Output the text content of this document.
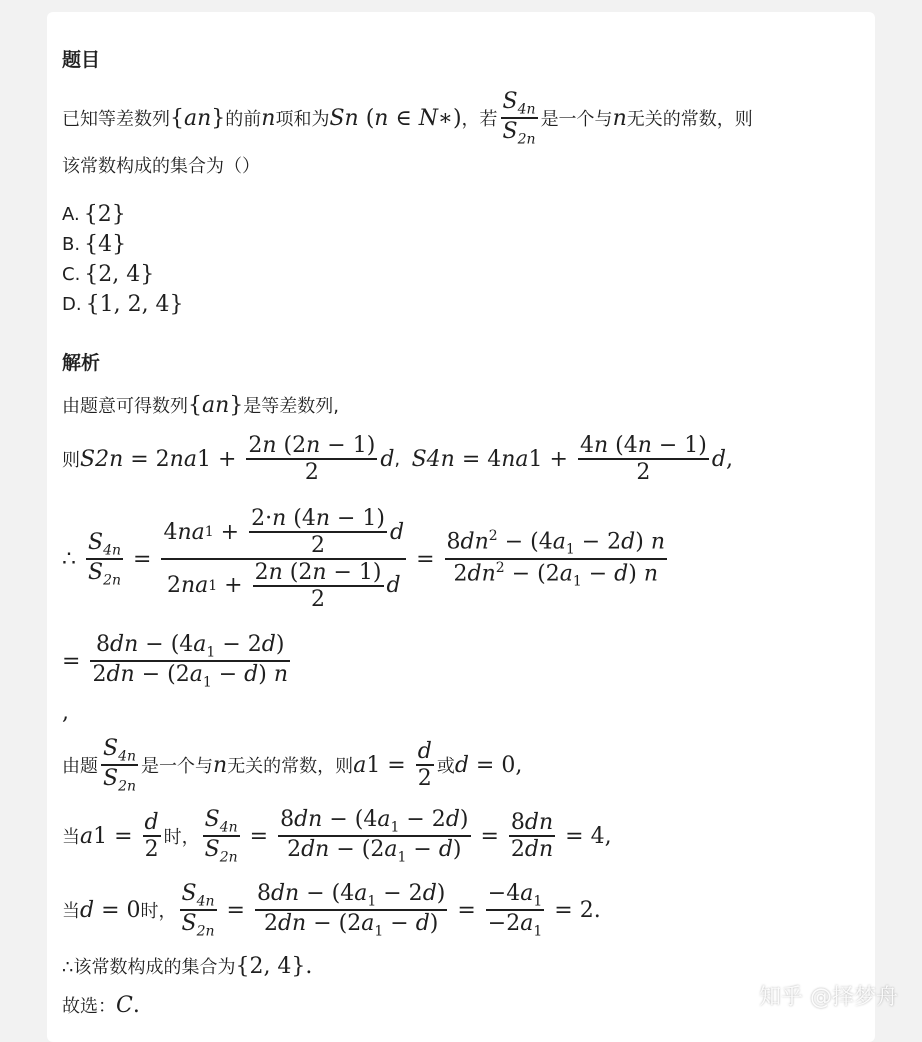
题目
已知等差数列 { a n } 的前 n 项和为 S n ( n ∈ N ∗) ，若 $\frac{S_{4n}}{S_{2n}}$ 是一个与 n 无关的常数，则
该常数构成的集合为（）
A. {2}
B. {4}
C. {2, 4}
D. {1, 2, 4}
解析
由题意可得数列 { a n } 是等差数列,
则 S 2n = 2 na $1 + \frac{2n (2n - 1)}{2}$ d , S 4n = 4 na $1 + \frac{4n (4n - 1)}{2}$ d ,
∴ $\frac{S_{4n}}{S_{2n}} = \frac{4 na 1 + \frac{2\cdot n (4n - 1)}{2} d}{2 na 1 + \frac{2n (2n - 1)}{2} d} = \frac{8dn^2 - (4a_1 - 2d) n}{2dn^2 - (2a_1 - d) n}$
= $\frac{8dn - (4a_1 - 2d)}{2dn - (2a_1 - d) n}$
,
由题 $\frac{S_{4n}}{S_{2n}}$ 是一个与 n 无关的常数，则 a $1 = \frac{d}{2}$ 或 d = 0,
当 a $1 = \frac{d}{2}$ 时， $\frac{S_{4n}}{S_{2n}} = \frac{8dn - (4a_1 - 2d)}{2dn - (2a_1 - d)} = \frac{8dn}{2dn} = 4$,
当 d = 0 时， $\frac{S_{4n}}{S_{2n}} = \frac{8dn - (4a_1 - 2d)}{2dn - (2a_1 - d)} = \frac{-4a_1}{-2a_1} = 2$.
∴该常数构成的集合为 {2, 4}.
故选： C .	知乎 @择梦舟
